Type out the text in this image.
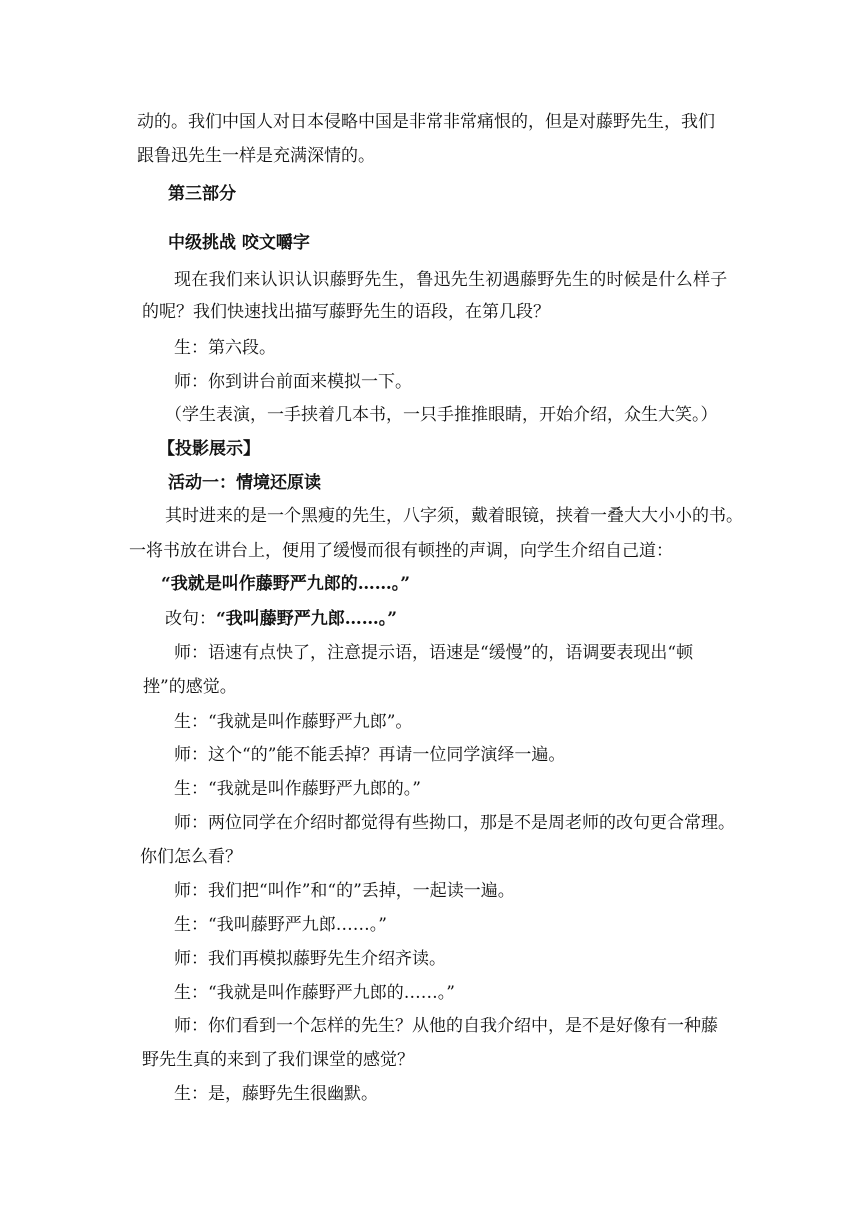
动的。我们中国人对日本侵略中国是非常非常痛恨的，但是对藤野先生，我们
跟鲁迅先生一样是充满深情的。
第三部分
中级挑战 咬文嚼字
现在我们来认识认识藤野先生，鲁迅先生初遇藤野先生的时候是什么样子
的呢？我们快速找出描写藤野先生的语段，在第几段？
生：第六段。
师：你到讲台前面来模拟一下。
（学生表演，一手挟着几本书，一只手推推眼睛，开始介绍，众生大笑。）
【投影展示】
活动一：情境还原读
其时进来的是一个黑瘦的先生，八字须，戴着眼镜，挟着一叠大大小小的书。
一将书放在讲台上，便用了缓慢而很有顿挫的声调，向学生介绍自己道：
“我就是叫作藤野严九郎的……。”
改句：“我叫藤野严九郎……。”
师：语速有点快了，注意提示语，语速是“缓慢”的，语调要表现出“顿
挫”的感觉。
生：“我就是叫作藤野严九郎”。
师：这个“的”能不能丢掉？再请一位同学演绎一遍。
生：“我就是叫作藤野严九郎的。”
师：两位同学在介绍时都觉得有些拗口，那是不是周老师的改句更合常理。
你们怎么看？
师：我们把“叫作”和“的”丢掉，一起读一遍。
生：“我叫藤野严九郎……。”
师：我们再模拟藤野先生介绍齐读。
生：“我就是叫作藤野严九郎的……。”
师：你们看到一个怎样的先生？从他的自我介绍中，是不是好像有一种藤
野先生真的来到了我们课堂的感觉？
生：是，藤野先生很幽默。
